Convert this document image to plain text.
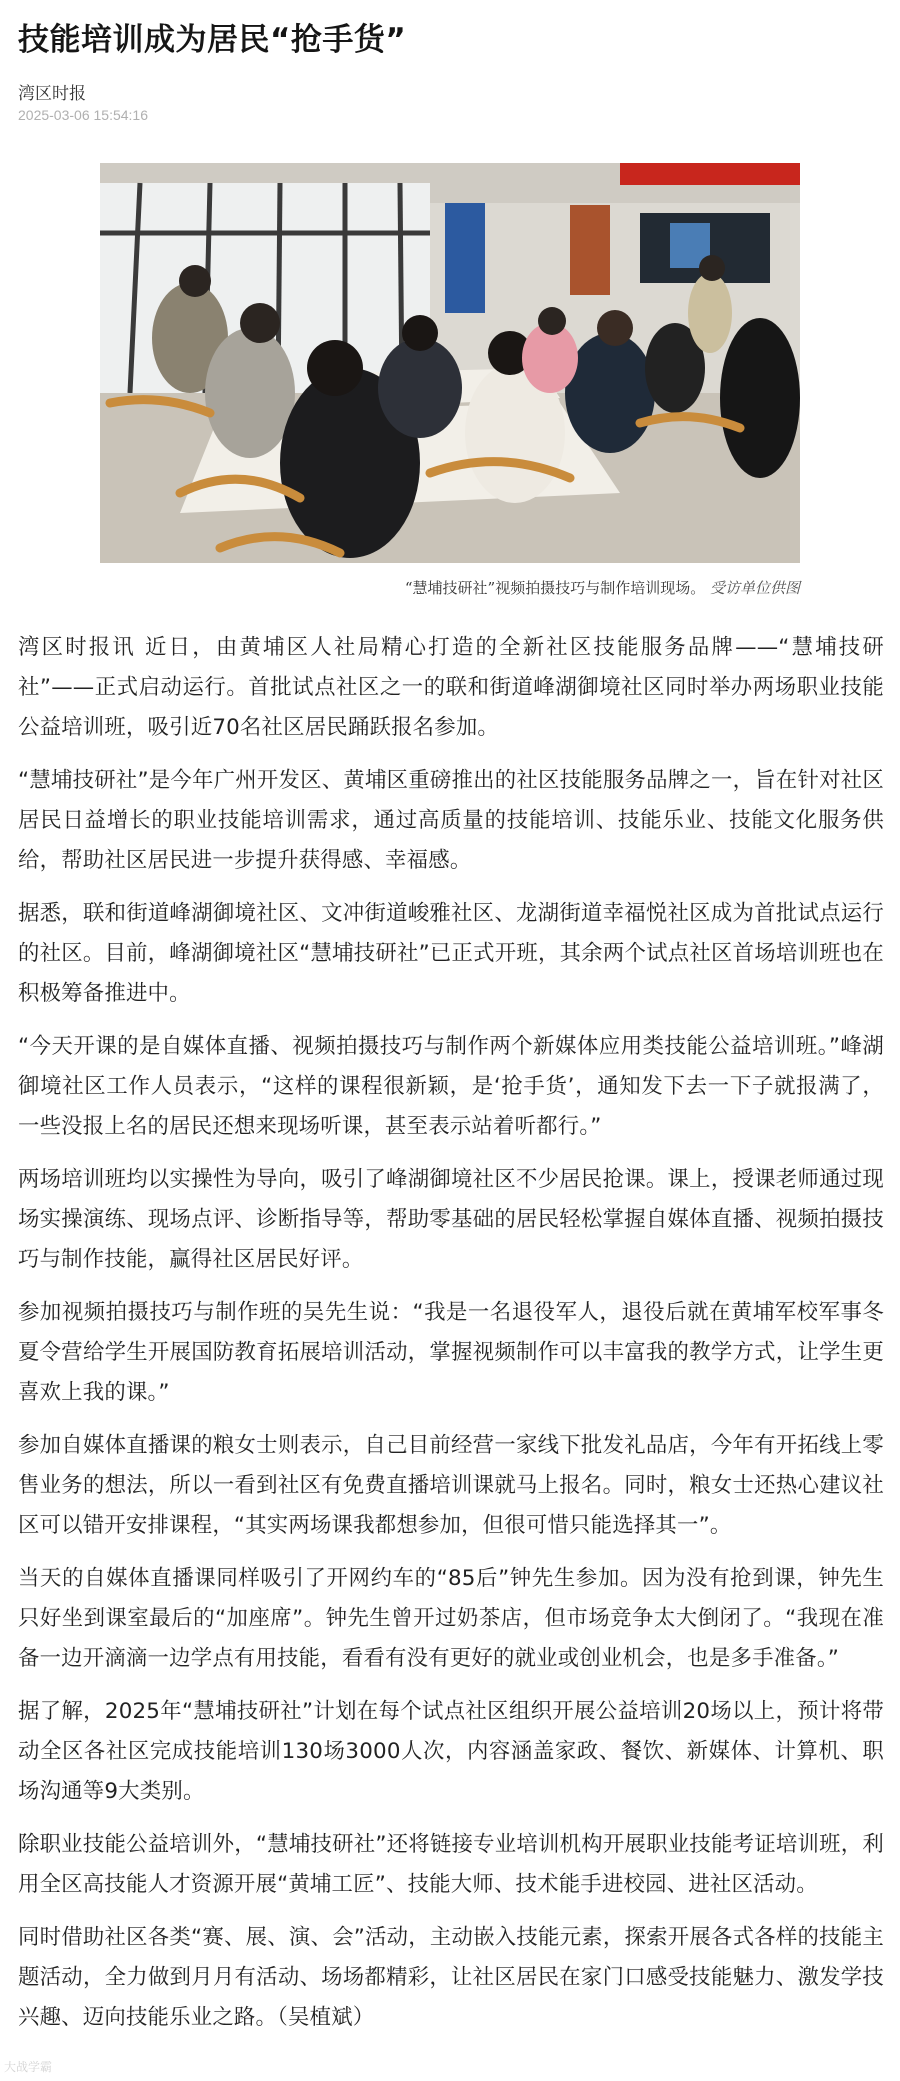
技能培训成为居民“抢手货”
湾区时报
2025-03-06 15:54:16
“慧埔技研社”视频拍摄技巧与制作培训现场。 受访单位供图

湾区时报讯 近日，由黄埔区人社局精心打造的全新社区技能服务品牌——“慧埔技研社”——正式启动运行。首批试点社区之一的联和街道峰湖御境社区同时举办两场职业技能公益培训班，吸引近70名社区居民踊跃报名参加。

“慧埔技研社”是今年广州开发区、黄埔区重磅推出的社区技能服务品牌之一，旨在针对社区居民日益增长的职业技能培训需求，通过高质量的技能培训、技能乐业、技能文化服务供给，帮助社区居民进一步提升获得感、幸福感。

据悉，联和街道峰湖御境社区、文冲街道峻雅社区、龙湖街道幸福悦社区成为首批试点运行的社区。目前，峰湖御境社区“慧埔技研社”已正式开班，其余两个试点社区首场培训班也在积极筹备推进中。

“今天开课的是自媒体直播、视频拍摄技巧与制作两个新媒体应用类技能公益培训班。”峰湖御境社区工作人员表示，“这样的课程很新颖，是‘抢手货’，通知发下去一下子就报满了，一些没报上名的居民还想来现场听课，甚至表示站着听都行。”

两场培训班均以实操性为导向，吸引了峰湖御境社区不少居民抢课。课上，授课老师通过现场实操演练、现场点评、诊断指导等，帮助零基础的居民轻松掌握自媒体直播、视频拍摄技巧与制作技能，赢得社区居民好评。

参加视频拍摄技巧与制作班的吴先生说：“我是一名退役军人，退役后就在黄埔军校军事冬夏令营给学生开展国防教育拓展培训活动，掌握视频制作可以丰富我的教学方式，让学生更喜欢上我的课。”

参加自媒体直播课的粮女士则表示，自己目前经营一家线下批发礼品店，今年有开拓线上零售业务的想法，所以一看到社区有免费直播培训课就马上报名。同时，粮女士还热心建议社区可以错开安排课程，“其实两场课我都想参加，但很可惜只能选择其一”。

当天的自媒体直播课同样吸引了开网约车的“85后”钟先生参加。因为没有抢到课，钟先生只好坐到课室最后的“加座席”。钟先生曾开过奶茶店，但市场竞争太大倒闭了。“我现在准备一边开滴滴一边学点有用技能，看看有没有更好的就业或创业机会，也是多手准备。”

据了解，2025年“慧埔技研社”计划在每个试点社区组织开展公益培训20场以上，预计将带动全区各社区完成技能培训130场3000人次，内容涵盖家政、餐饮、新媒体、计算机、职场沟通等9大类别。

除职业技能公益培训外，“慧埔技研社”还将链接专业培训机构开展职业技能考证培训班，利用全区高技能人才资源开展“黄埔工匠”、技能大师、技术能手进校园、进社区活动。

同时借助社区各类“赛、展、演、会”活动，主动嵌入技能元素，探索开展各式各样的技能主题活动，全力做到月月有活动、场场都精彩，让社区居民在家门口感受技能魅力、激发学技兴趣、迈向技能乐业之路。（吴植斌）

大战学霸
